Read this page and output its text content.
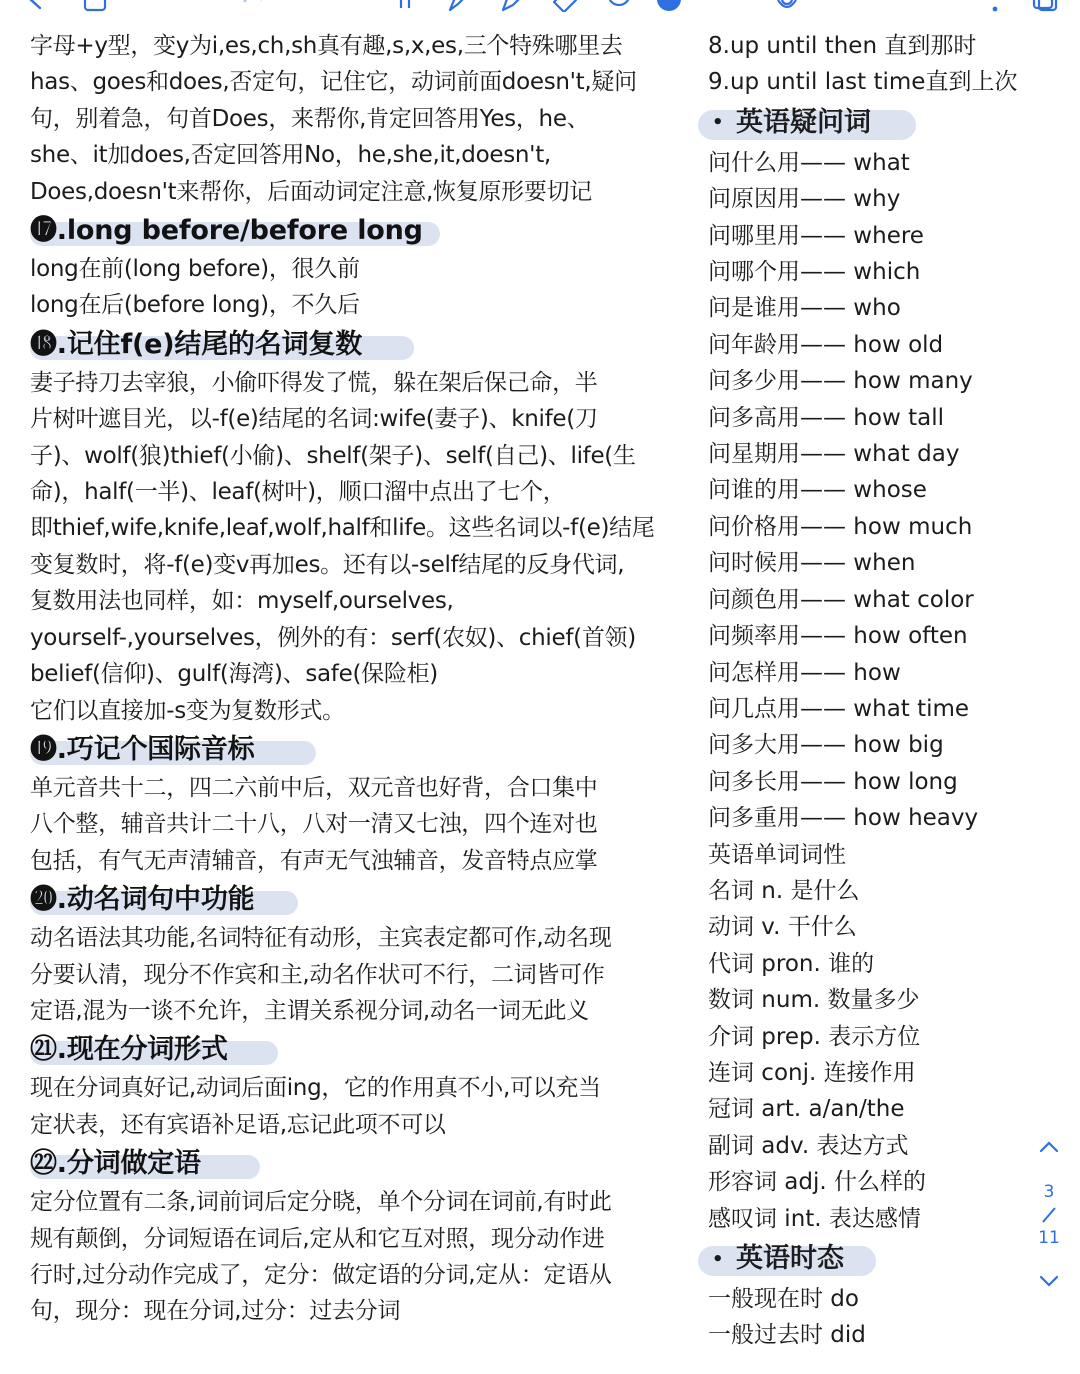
字母+y型，变y为i,es,ch,sh真有趣,s,x,es,三个特殊哪里去
has、goes和does,否定句，记住它，动词前面doesn't,疑问
句，别着急，句首Does，来帮你,肯定回答用Yes，he、
she、it加does,否定回答用No，he,she,it,doesn't,
Does,doesn't来帮你，后面动词定注意,恢复原形要切记
⓱.long before/before long
long在前(long before)，很久前
long在后(before long)，不久后
⓲.记住f(e)结尾的名词复数
妻子持刀去宰狼，小偷吓得发了慌，躲在架后保己命，半
片树叶遮目光，以-f(e)结尾的名词:wife(妻子)、knife(刀
子)、wolf(狼)thief(小偷)、shelf(架子)、self(自己)、life(生
命)，half(一半)、leaf(树叶)，顺口溜中点出了七个，
即thief,wife,knife,leaf,wolf,half和life。这些名词以-f(e)结尾
变复数时，将-f(e)变v再加es。还有以-self结尾的反身代词,
复数用法也同样，如：myself,ourselves,
yourself-,yourselves，例外的有：serf(农奴)、chief(首领)
belief(信仰)、gulf(海湾)、safe(保险柜)
它们以直接加-s变为复数形式。
⓳.巧记个国际音标
单元音共十二，四二六前中后，双元音也好背，合口集中
八个整，辅音共计二十八，八对一清又七浊，四个连对也
包括，有气无声清辅音，有声无气浊辅音，发音特点应掌
⓴.动名词句中功能
动名语法其功能,名词特征有动形，主宾表定都可作,动名现
分要认清，现分不作宾和主,动名作状可不行，二词皆可作
定语,混为一谈不允许，主谓关系视分词,动名一词无此义
㉑.现在分词形式
现在分词真好记,动词后面ing，它的作用真不小,可以充当
定状表，还有宾语补足语,忘记此项不可以
㉒.分词做定语
定分位置有二条,词前词后定分晓，单个分词在词前,有时此
规有颠倒，分词短语在词后,定从和它互对照，现分动作进
行时,过分动作完成了，定分：做定语的分词,定从：定语从
句，现分：现在分词,过分：过去分词
8.up until then 直到那时
9.up until last time直到上次
• 英语疑问词
问什么用—— what
问原因用—— why
问哪里用—— where
问哪个用—— which
问是谁用—— who
问年龄用—— how old
问多少用—— how many
问多高用—— how tall
问星期用—— what day
问谁的用—— whose
问价格用—— how much
问时候用—— when
问颜色用—— what color
问频率用—— how often
问怎样用—— how
问几点用—— what time
问多大用—— how big
问多长用—— how long
问多重用—— how heavy
英语单词词性
名词 n. 是什么
动词 v. 干什么
代词 pron. 谁的
数词 num. 数量多少
介词 prep. 表示方位
连词 conj. 连接作用
冠词 art. a/an/the
副词 adv. 表达方式
形容词 adj. 什么样的
感叹词 int. 表达感情
• 英语时态
一般现在时 do
一般过去时 did
3
11
